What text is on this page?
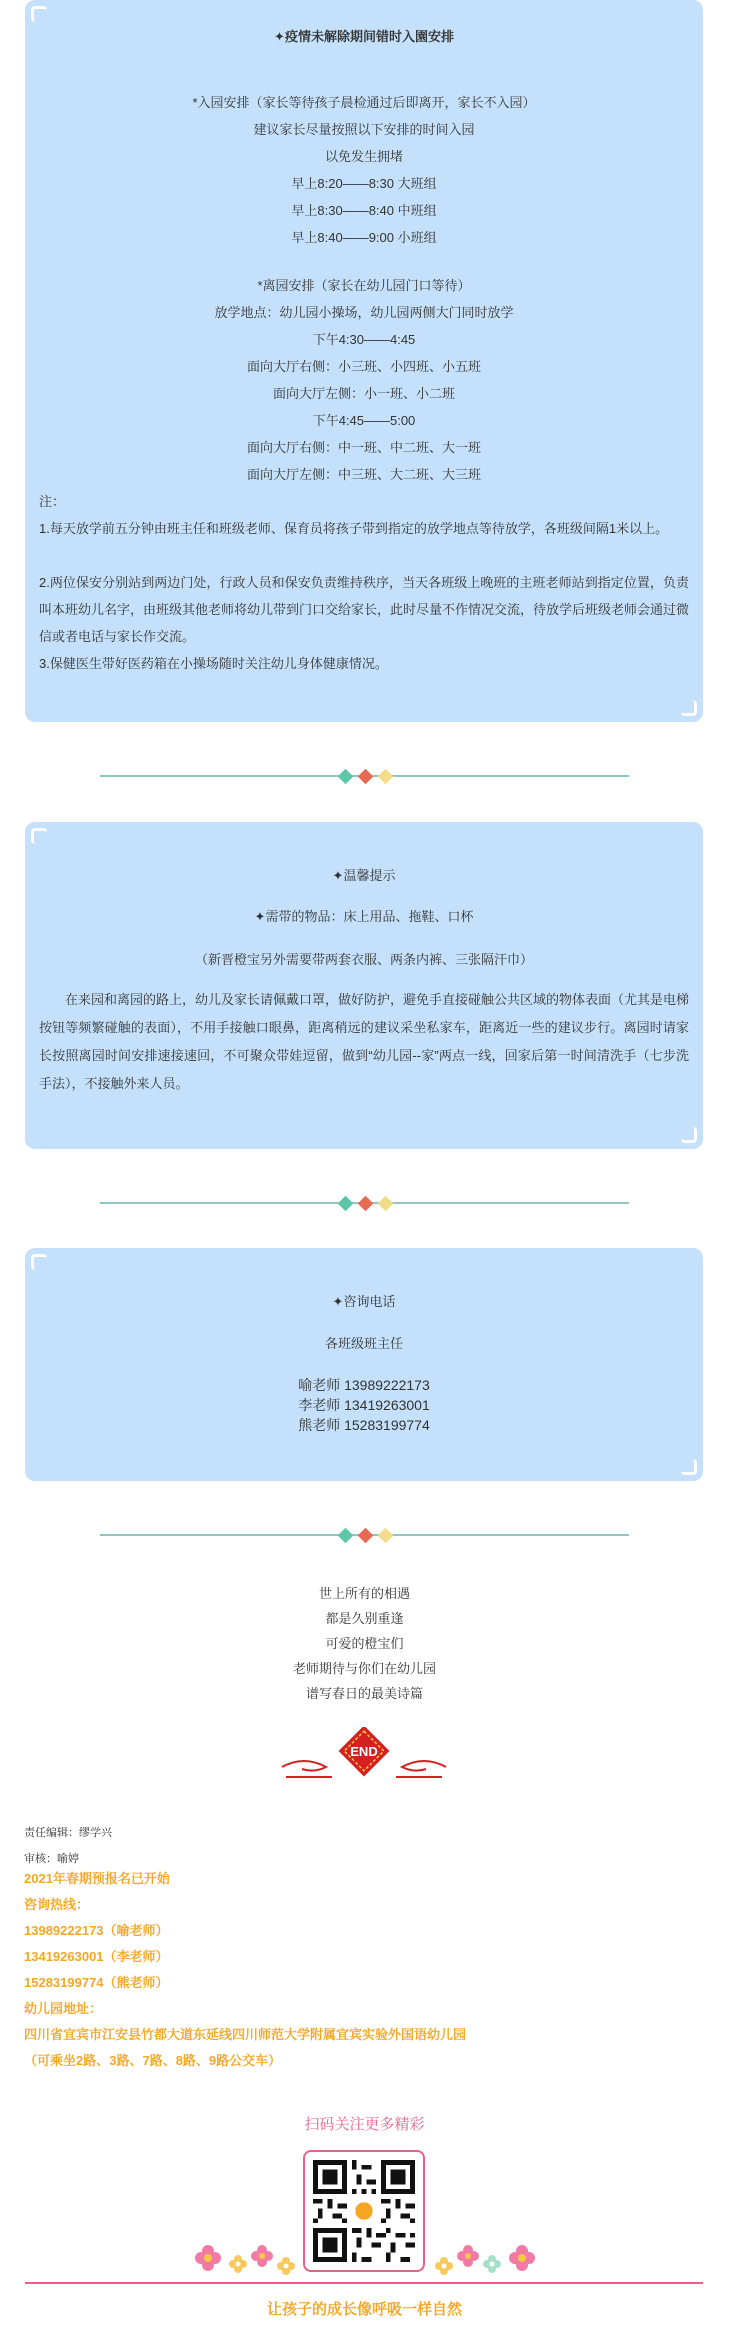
✦疫情未解除期间错时入園安排
*入园安排（家长等待孩子晨检通过后即离开，家长不入园）
建议家长尽量按照以下安排的时间入园
以免发生拥堵
早上8:20——8:30 大班组
早上8:30——8:40 中班组
早上8:40——9:00 小班组
*离园安排（家长在幼儿园门口等待）
放学地点：幼儿园小操场，幼儿园两侧大门同时放学
下午4:30——4:45
面向大厅右侧：小三班、小四班、小五班
面向大厅左侧：小一班、小二班
下午4:45——5:00
面向大厅右侧：中一班、中二班、大一班
面向大厅左侧：中三班、大二班、大三班
注：
1.每天放学前五分钟由班主任和班级老师、保育员将孩子带到指定的放学地点等待放学，各班级间隔1米以上。
2.两位保安分别站到两边门处，行政人员和保安负责维持秩序，当天各班级上晚班的主班老师站到指定位置，负责叫本班幼儿名字，由班级其他老师将幼儿带到门口交给家长，此时尽量不作情况交流，待放学后班级老师会通过微信或者电话与家长作交流。
3.保健医生带好医药箱在小操场随时关注幼儿身体健康情况。
✦温馨提示
✦需带的物品：床上用品、拖鞋、口杯
（新晋橙宝另外需要带两套衣服、两条内裤、三张隔汗巾）
在来园和离园的路上，幼儿及家长请佩戴口罩，做好防护，避免手直接碰触公共区域的物体表面（尤其是电梯按钮等频繁碰触的表面），不用手接触口眼鼻，距离稍远的建议采坐私家车，距离近一些的建议步行。离园时请家长按照离园时间安排速接速回，不可聚众带娃逗留，做到“幼儿园--家”两点一线，回家后第一时间清洗手（七步洗手法），不接触外来人员。
✦咨询电话
各班级班主任
喻老师 13989222173
李老师 13419263001
熊老师 15283199774
世上所有的相遇
都是久别重逢
可爱的橙宝们
老师期待与你们在幼儿园
谱写春日的最美诗篇
END
责任编辑：缪学兴
审核：喻婷
2021年春期预报名已开始
咨询热线：
13989222173（喻老师）
13419263001（李老师）
15283199774（熊老师）
幼儿园地址：
四川省宜宾市江安县竹都大道东延线四川师范大学附属宜宾实验外国语幼儿园
（可乘坐2路、3路、7路、8路、9路公交车）
扫码关注更多精彩
让孩子的成长像呼吸一样自然
